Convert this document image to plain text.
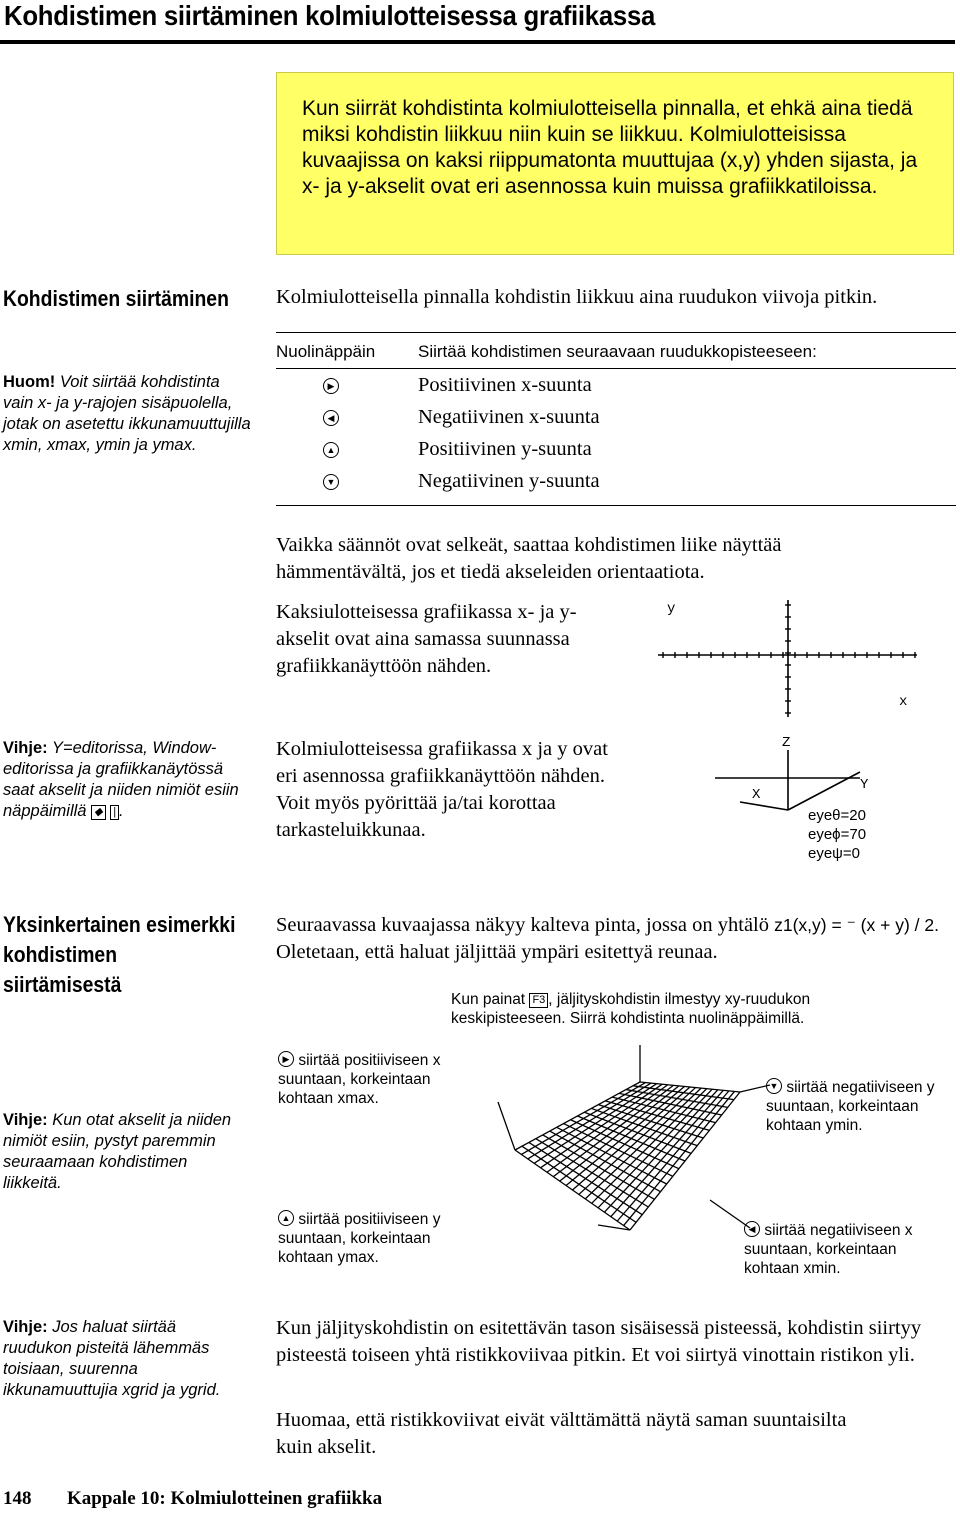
Kohdistimen siirtäminen kolmiulotteisessa grafiikassa
Kun siirrät kohdistinta kolmiulotteisella pinnalla, et ehkä aina tiedä miksi kohdistin liikkuu niin kuin se liikkuu. Kolmiulotteisissa kuvaajissa on kaksi riippumatonta muuttujaa (x,y) yhden sijasta, ja x- ja y-akselit ovat eri asennossa kuin muissa grafiikkatiloissa.
Kohdistimen siirtäminen Kolmiulotteisella pinnalla kohdistin liikkuu aina ruudukon viivoja pitkin.
Huom! Voit siirtää kohdistinta vain x- ja y-rajojen sisäpuolella, jotak on asetettu ikkunamuuttujilla xmin, xmax, ymin ja ymax.
Nuolinäppäin	Siirtää kohdistimen seuraavaan ruudukkopisteeseen:
▶	Positiivinen x-suunta
◀	Negatiivinen x-suunta
▲	Positiivinen y-suunta
▼	Negatiivinen y-suunta
Vaikka säännöt ovat selkeät, saattaa kohdistimen liike näyttää hämmentävältä, jos et tiedä akseleiden orientaatiota.
Kaksiulotteisessa grafiikassa x- ja y-akselit ovat aina samassa suunnassa grafiikkanäyttöön nähden.
y
x
Vihje: Y=editorissa, Window-editorissa ja grafiikkanäytössä saat akselit ja niiden nimiöt esiin näppäimillä ◆ | .
Kolmiulotteisessa grafiikassa x ja y ovat eri asennossa grafiikkanäyttöön nähden. Voit myös pyörittää ja/tai korottaa tarkasteluikkunaa.
Z
Y
X
eyeθ=20
eyeϕ=70
eyeψ=0
Yksinkertainen esimerkki kohdistimen siirtämisestä
Seuraavassa kuvaajassa näkyy kalteva pinta, jossa on yhtälö z1(x,y) = ⁻ (x + y) / 2. Oletetaan, että haluat jäljittää ympäri esitettyä reunaa.
Kun painat F3 , jäljityskohdistin ilmestyy xy-ruudukon keskipisteeseen. Siirrä kohdistinta nuolinäppäimillä.
▶ siirtää positiiviseen x suuntaan, korkeintaan kohtaan xmax.
▼ siirtää negatiiviseen y suuntaan, korkeintaan kohtaan ymin.
▲ siirtää positiiviseen y suuntaan, korkeintaan kohtaan ymax.
◀ siirtää negatiiviseen x suuntaan, korkeintaan kohtaan xmin.
Vihje: Kun otat akselit ja niiden nimiöt esiin, pystyt paremmin seuraamaan kohdistimen liikkeitä.
Vihje: Jos haluat siirtää ruudukon pisteitä lähemmäs toisiaan, suurenna ikkunamuuttujia xgrid ja ygrid.
Kun jäljityskohdistin on esitettävän tason sisäisessä pisteessä, kohdistin siirtyy pisteestä toiseen yhtä ristikkoviivaa pitkin. Et voi siirtyä vinottain ristikon yli.
Huomaa, että ristikkoviivat eivät välttämättä näytä saman suuntaisilta kuin akselit.
148 Kappale 10: Kolmiulotteinen grafiikka
